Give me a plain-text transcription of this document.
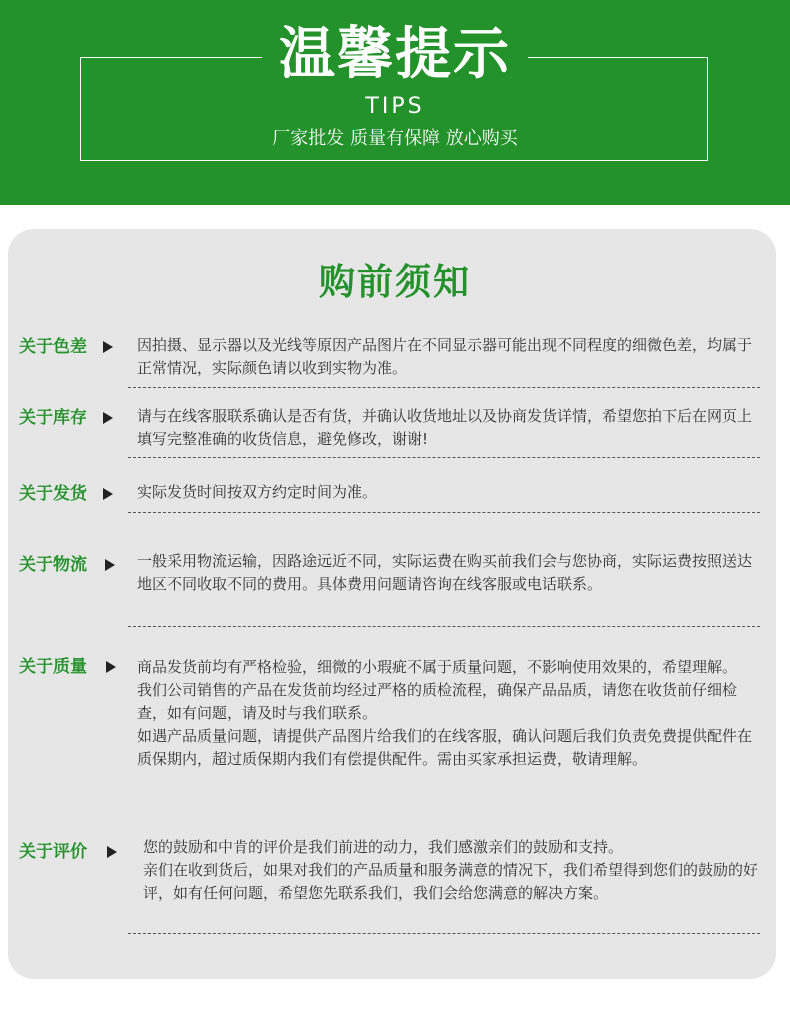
温馨提示
TIPS
厂家批发 质量有保障 放心购买
购前须知
关于色差	因拍摄、显示器以及光线等原因产品图片在不同显示器可能出现不同程度的细微色差，均属于正常情况，实际颜色请以收到实物为准。

关于库存	请与在线客服联系确认是否有货，并确认收货地址以及协商发货详情，希望您拍下后在网页上填写完整准确的收货信息，避免修改，谢谢!

关于发货	实际发货时间按双方约定时间为准。

关于物流	一般采用物流运输，因路途远近不同，实际运费在购买前我们会与您协商，实际运费按照送达地区不同收取不同的费用。具体费用问题请咨询在线客服或电话联系。

关于质量	商品发货前均有严格检验，细微的小瑕疵不属于质量问题，不影响使用效果的，希望理解。

我们公司销售的产品在发货前均经过严格的质检流程，确保产品品质，请您在收货前仔细检查，如有问题，请及时与我们联系。

如遇产品质量问题，请提供产品图片给我们的在线客服，确认问题后我们负责免费提供配件在质保期内，超过质保期内我们有偿提供配件。需由买家承担运费，敬请理解。

关于评价	您的鼓励和中肯的评价是我们前进的动力，我们感激亲们的鼓励和支持。

亲们在收到货后，如果对我们的产品质量和服务满意的情况下，我们希望得到您们的鼓励的好评，如有任何问题，希望您先联系我们，我们会给您满意的解决方案。
